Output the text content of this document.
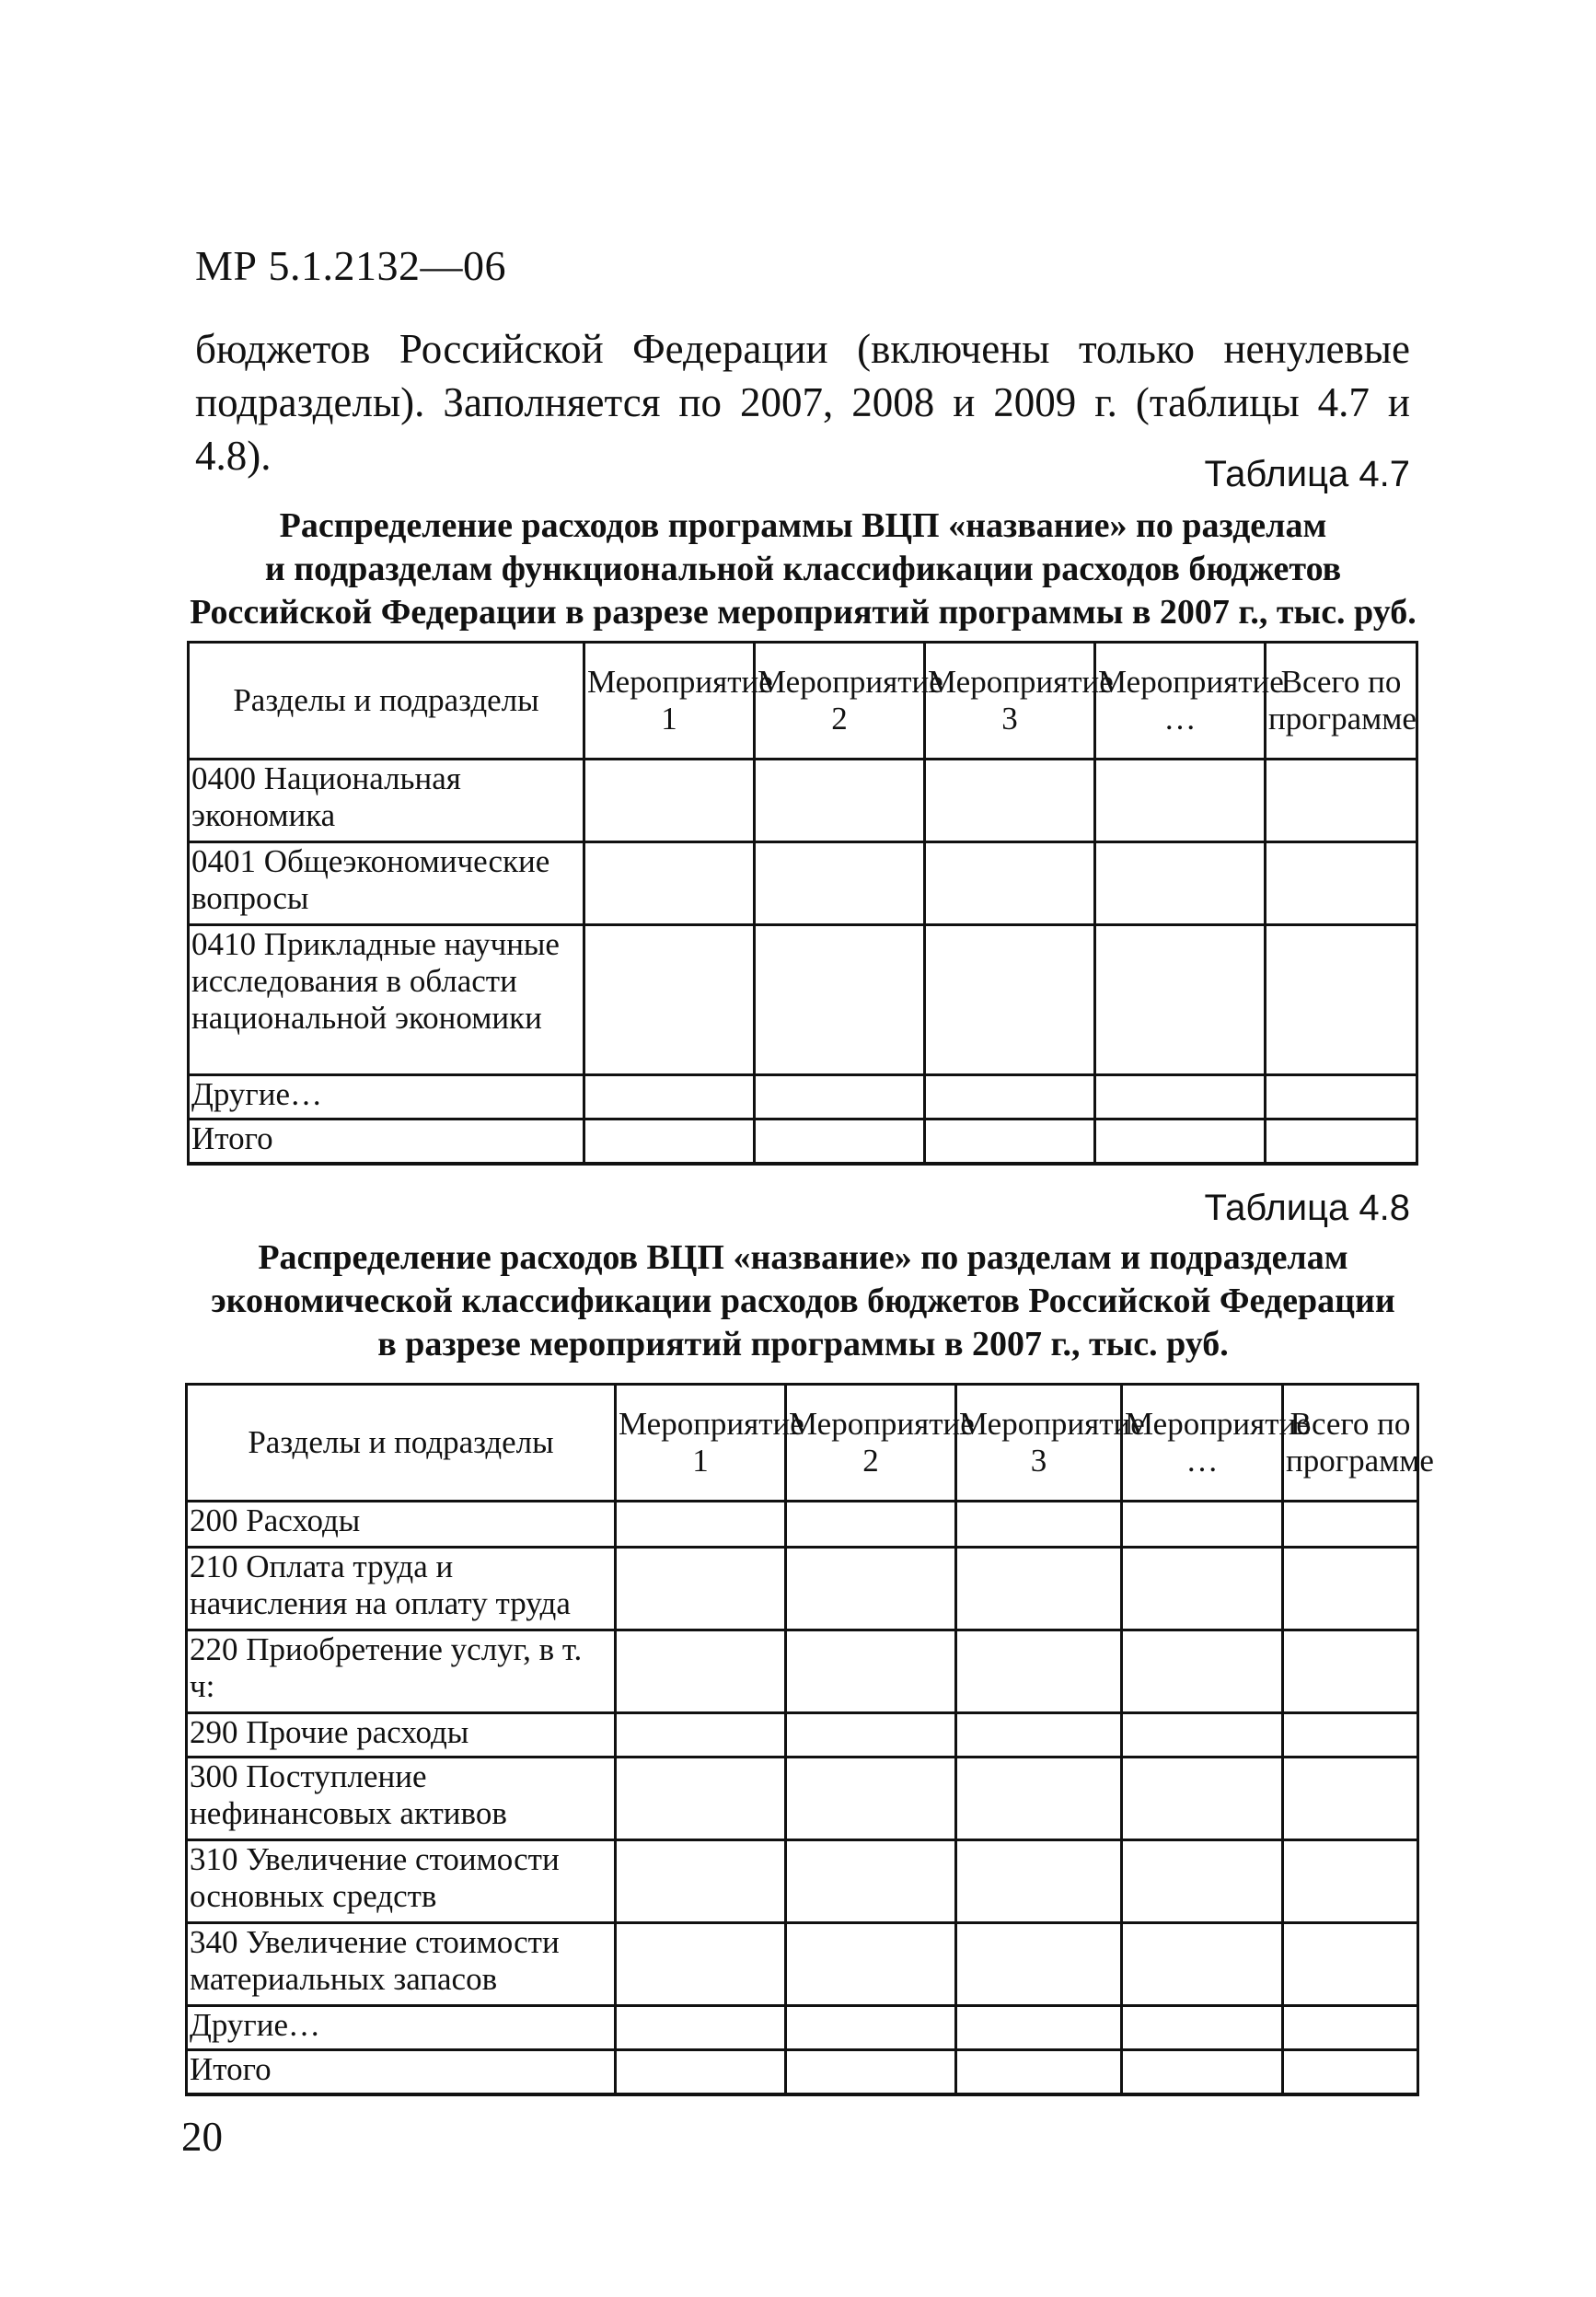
МР 5.1.2132—06
бюджетов Российской Федерации (включены только ненулевые подразделы). Заполняется по 2007, 2008 и 2009 г. (таблицы 4.7 и 4.8).	Таблица 4.7
Распределение расходов программы ВЦП «название» по разделам
и подразделам функциональной классификации расходов бюджетов
Российской Федерации в разрезе мероприятий программы в 2007 г., тыс. руб.
Разделы и подразделы	Мероприятие 1	Мероприятие 2	Мероприятие 3	Мероприятие …	Всего по программе
0400 Национальная экономика					
0401 Общеэкономические вопросы					
0410 Прикладные научные исследования в области национальной экономики					
Другие…					
Итого					
Таблица 4.8
Распределение расходов ВЦП «название» по разделам и подразделам
экономической классификации расходов бюджетов Российской Федерации
в разрезе мероприятий программы в 2007 г., тыс. руб.
Разделы и подразделы	Мероприятие 1	Мероприятие 2	Мероприятие 3	Мероприятие …	Всего по программе
200 Расходы					
210 Оплата труда и начисления на оплату труда					
220 Приобретение услуг, в т. ч:					
290 Прочие расходы					
300 Поступление нефинансовых активов					
310 Увеличение стоимости основных средств					
340 Увеличение стоимости материальных запасов					
Другие…					
Итого					
20
